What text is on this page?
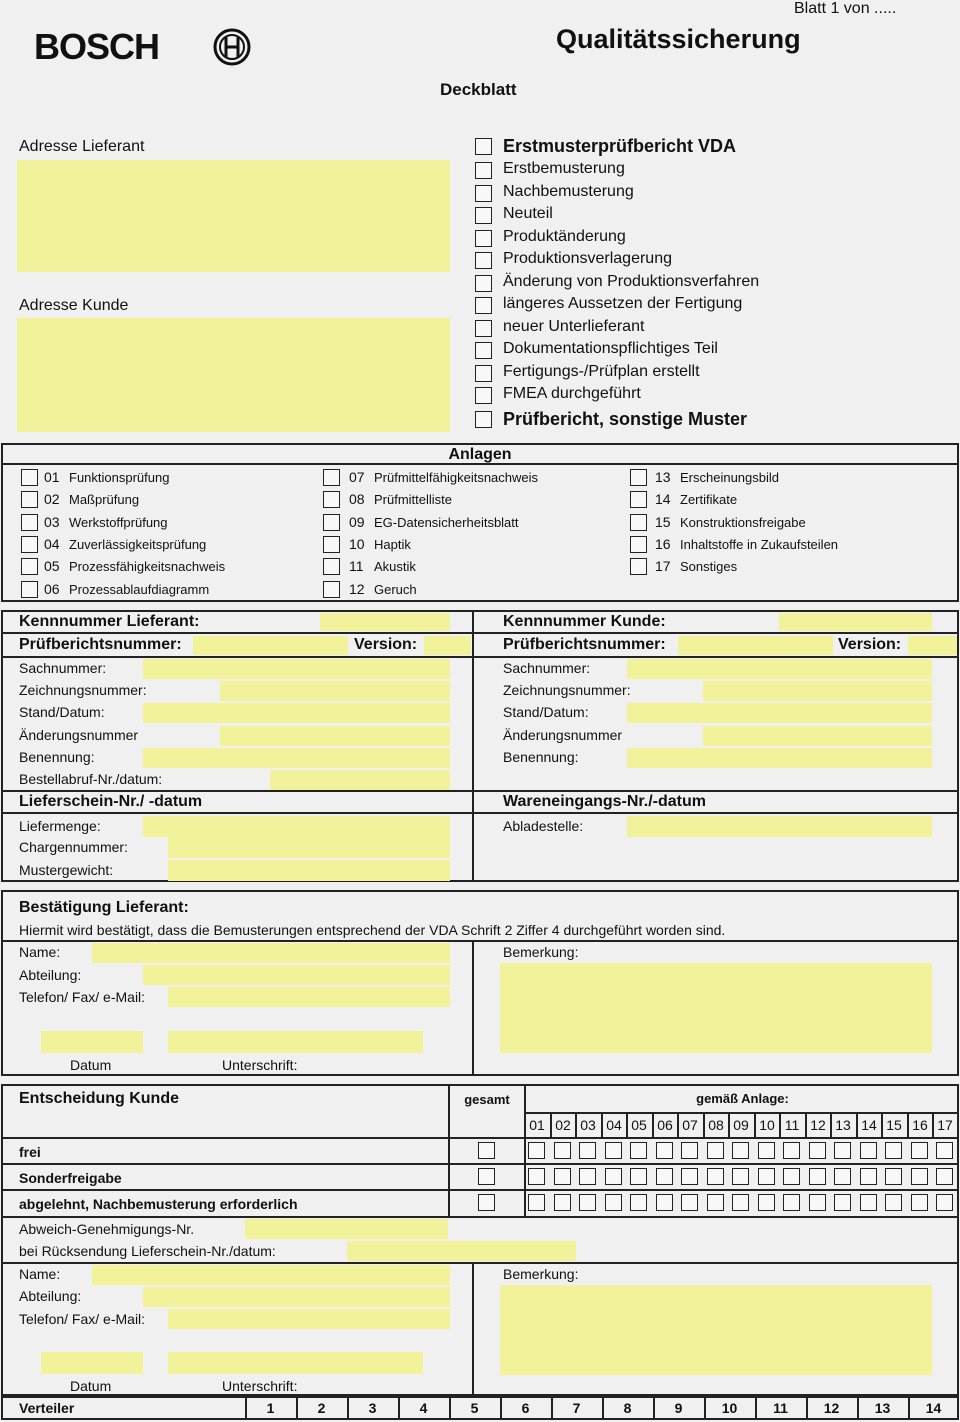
BOSCH
Blatt 1 von .....
Qualitätssicherung
Deckblatt
Adresse Lieferant
Adresse Kunde
Erstmusterprüfbericht VDA
Erstbemusterung
Nachbemusterung
Neuteil
Produktänderung
Produktionsverlagerung
Änderung von Produktionsverfahren
längeres Aussetzen der Fertigung
neuer Unterlieferant
Dokumentationspflichtiges Teil
Fertigungs-/Prüfplan erstellt
FMEA durchgeführt
Prüfbericht, sonstige Muster
Anlagen
01 Funktionsprüfung
02 Maßprüfung
03 Werkstoffprüfung
04 Zuverlässigkeitsprüfung
05 Prozessfähigkeitsnachweis
06 Prozessablaufdiagramm
07 Prüfmittelfähigkeitsnachweis
08 Prüfmittelliste
09 EG-Datensicherheitsblatt
10 Haptik
11 Akustik
12 Geruch
13 Erscheinungsbild
14 Zertifikate
15 Konstruktionsfreigabe
16 Inhaltstoffe in Zukaufsteilen
17 Sonstiges
Kennnummer Lieferant:
Prüfberichtsnummer:	Version:
Kennnummer Kunde:
Prüfberichtsnummer:	Version:
Sachnummer:
Zeichnungsnummer:
Stand/Datum:
Änderungsnummer
Benennung:
Bestellabruf-Nr./datum:
Sachnummer:
Zeichnungsnummer:
Stand/Datum:
Änderungsnummer
Benennung:
Liefermenge:
Chargennummer:
Mustergewicht:
Abladestelle:
Lieferschein-Nr./ -datum	Wareneingangs-Nr./-datum
Bestätigung Lieferant:
Hiermit wird bestätigt, dass die Bemusterungen entsprechend der VDA Schrift 2 Ziffer 4 durchgeführt worden sind.
Name:
Abteilung:
Telefon/ Fax/ e-Mail:
Datum	Unterschrift:
Bemerkung:
Entscheidung Kunde	gesamt	gemäß Anlage:
01 02 03 04 05 06 07 08 09 10 11 12 13 14 15 16 17
frei
Sonderfreigabe
abgelehnt, Nachbemusterung erforderlich
Abweich-Genehmigungs-Nr.
bei Rücksendung Lieferschein-Nr./datum:
Name:
Abteilung:
Telefon/ Fax/ e-Mail:
Datum	Unterschrift:
Bemerkung:
Verteiler	1	2	3	4	5	6	7	8	9	10	11	12	13	14
